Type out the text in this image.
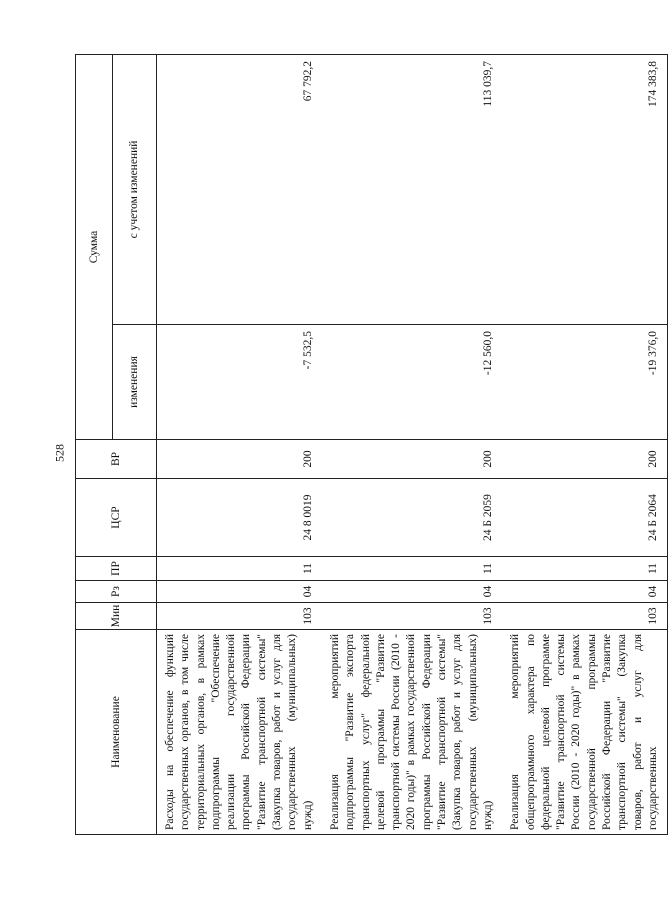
528
Наименование	Мин	Рз	ПР	ЦСР	ВР	Сумма	
						изменения	с учетом изменений
Расходы на обеспечение функций государственных органов, в том числе территориальных органов, в рамках подпрограммы "Обеспечение реализации государственной программы Российской Федерации "Развитие транспортной системы" (Закупка товаров, работ и услуг для государственных (муниципальных) нужд)	103	04	11	24 8 0019	200	-7 532,5	67 792,2
Реализация мероприятий подпрограммы "Развитие экспорта транспортных услуг" федеральной целевой программы "Развитие транспортной системы России (2010 - 2020 годы)" в рамках государственной программы Российской Федерации "Развитие транспортной системы" (Закупка товаров, работ и услуг для государственных (муниципальных) нужд)	103	04	11	24 Б 2059	200	-12 560,0	113 039,7
Реализация мероприятий общепрограммного характера по федеральной целевой программе "Развитие транспортной системы России (2010 - 2020 годы)" в рамках государственной программы Российской Федерации "Развитие транспортной системы" (Закупка товаров, работ и услуг для государственных	103	04	11	24 Б 2064	200	-19 376,0	174 383,8
